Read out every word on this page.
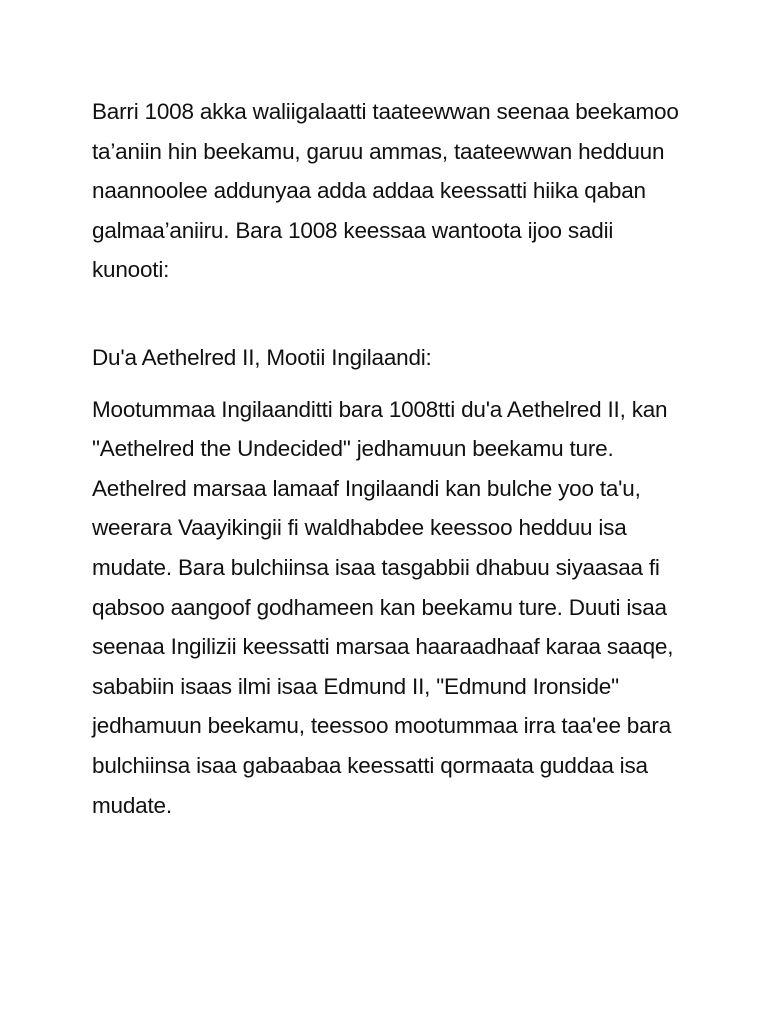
Barri 1008 akka waliigalaatti taateewwan seenaa beekamoo ta’aniin hin beekamu, garuu ammas, taateewwan hedduun naannoolee addunyaa adda addaa keessatti hiika qaban galmaa’aniiru. Bara 1008 keessaa wantoota ijoo sadii kunooti:

Du'a Aethelred II, Mootii Ingilaandi:

Mootummaa Ingilaanditti bara 1008tti du'a Aethelred II, kan "Aethelred the Undecided" jedhamuun beekamu ture. Aethelred marsaa lamaaf Ingilaandi kan bulche yoo ta'u, weerara Vaayikingii fi waldhabdee keessoo hedduu isa mudate. Bara bulchiinsa isaa tasgabbii dhabuu siyaasaa fi qabsoo aangoof godhameen kan beekamu ture. Duuti isaa seenaa Ingilizii keessatti marsaa haaraadhaaf karaa saaqe, sababiin isaas ilmi isaa Edmund II, "Edmund Ironside" jedhamuun beekamu, teessoo mootummaa irra taa'ee bara bulchiinsa isaa gabaabaa keessatti qormaata guddaa isa mudate.
